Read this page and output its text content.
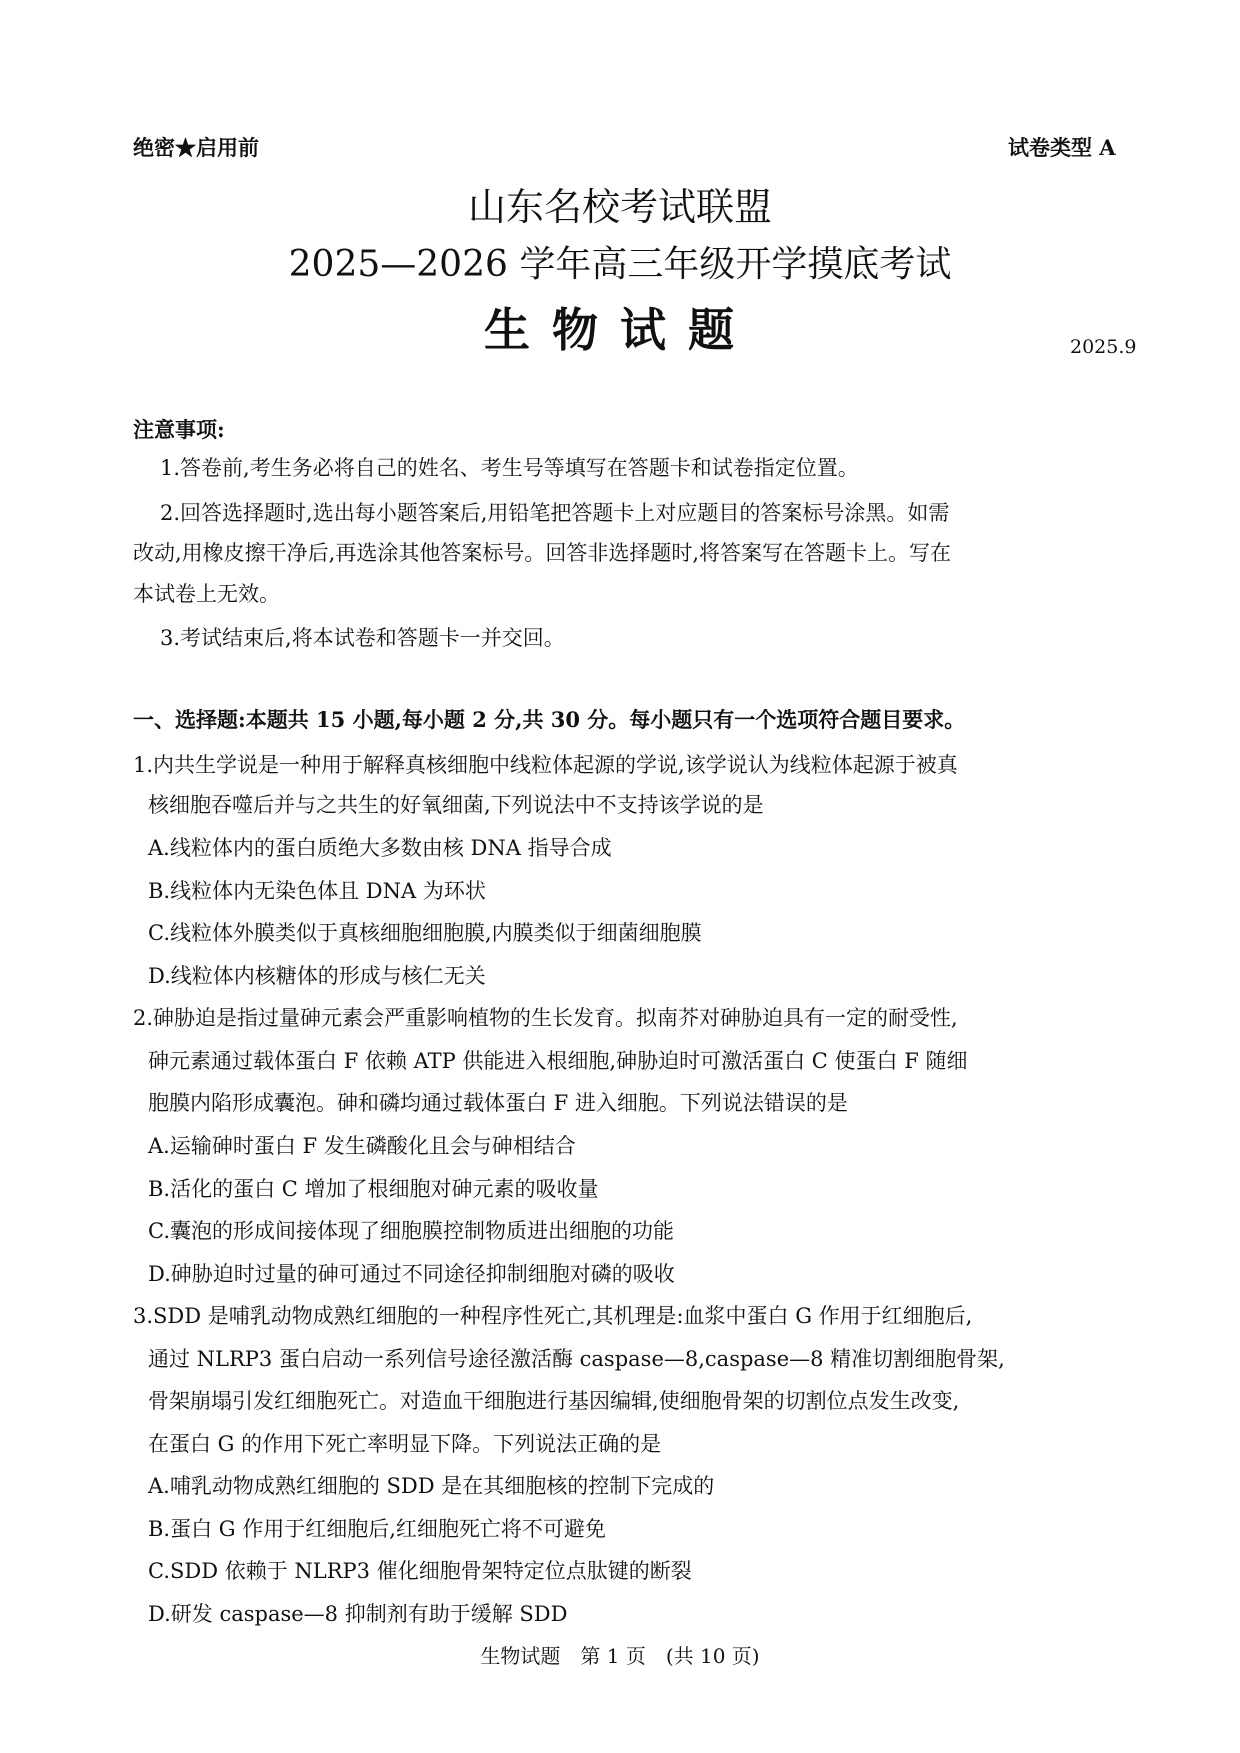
绝密★启用前	试卷类型 A
山东名校考试联盟
2025—2026 学年高三年级开学摸底考试
生物试题	2025.9
注意事项:
1.答卷前,考生务必将自己的姓名、考生号等填写在答题卡和试卷指定位置。
2.回答选择题时,选出每小题答案后,用铅笔把答题卡上对应题目的答案标号涂黑。如需
改动,用橡皮擦干净后,再选涂其他答案标号。回答非选择题时,将答案写在答题卡上。写在
本试卷上无效。
3.考试结束后,将本试卷和答题卡一并交回。
一、选择题:本题共 15 小题,每小题 2 分,共 30 分。每小题只有一个选项符合题目要求。
1.内共生学说是一种用于解释真核细胞中线粒体起源的学说,该学说认为线粒体起源于被真
核细胞吞噬后并与之共生的好氧细菌,下列说法中不支持该学说的是
A.线粒体内的蛋白质绝大多数由核 DNA 指导合成
B.线粒体内无染色体且 DNA 为环状
C.线粒体外膜类似于真核细胞细胞膜,内膜类似于细菌细胞膜
D.线粒体内核糖体的形成与核仁无关
2.砷胁迫是指过量砷元素会严重影响植物的生长发育。拟南芥对砷胁迫具有一定的耐受性,
砷元素通过载体蛋白 F 依赖 ATP 供能进入根细胞,砷胁迫时可激活蛋白 C 使蛋白 F 随细
胞膜内陷形成囊泡。砷和磷均通过载体蛋白 F 进入细胞。下列说法错误的是
A.运输砷时蛋白 F 发生磷酸化且会与砷相结合
B.活化的蛋白 C 增加了根细胞对砷元素的吸收量
C.囊泡的形成间接体现了细胞膜控制物质进出细胞的功能
D.砷胁迫时过量的砷可通过不同途径抑制细胞对磷的吸收
3.SDD 是哺乳动物成熟红细胞的一种程序性死亡,其机理是:血浆中蛋白 G 作用于红细胞后,
通过 NLRP3 蛋白启动一系列信号途径激活酶 caspase—8,caspase—8 精准切割细胞骨架,
骨架崩塌引发红细胞死亡。对造血干细胞进行基因编辑,使细胞骨架的切割位点发生改变,
在蛋白 G 的作用下死亡率明显下降。下列说法正确的是
A.哺乳动物成熟红细胞的 SDD 是在其细胞核的控制下完成的
B.蛋白 G 作用于红细胞后,红细胞死亡将不可避免
C.SDD 依赖于 NLRP3 催化细胞骨架特定位点肽键的断裂
D.研发 caspase—8 抑制剂有助于缓解 SDD
生物试题　第 1 页　(共 10 页)
